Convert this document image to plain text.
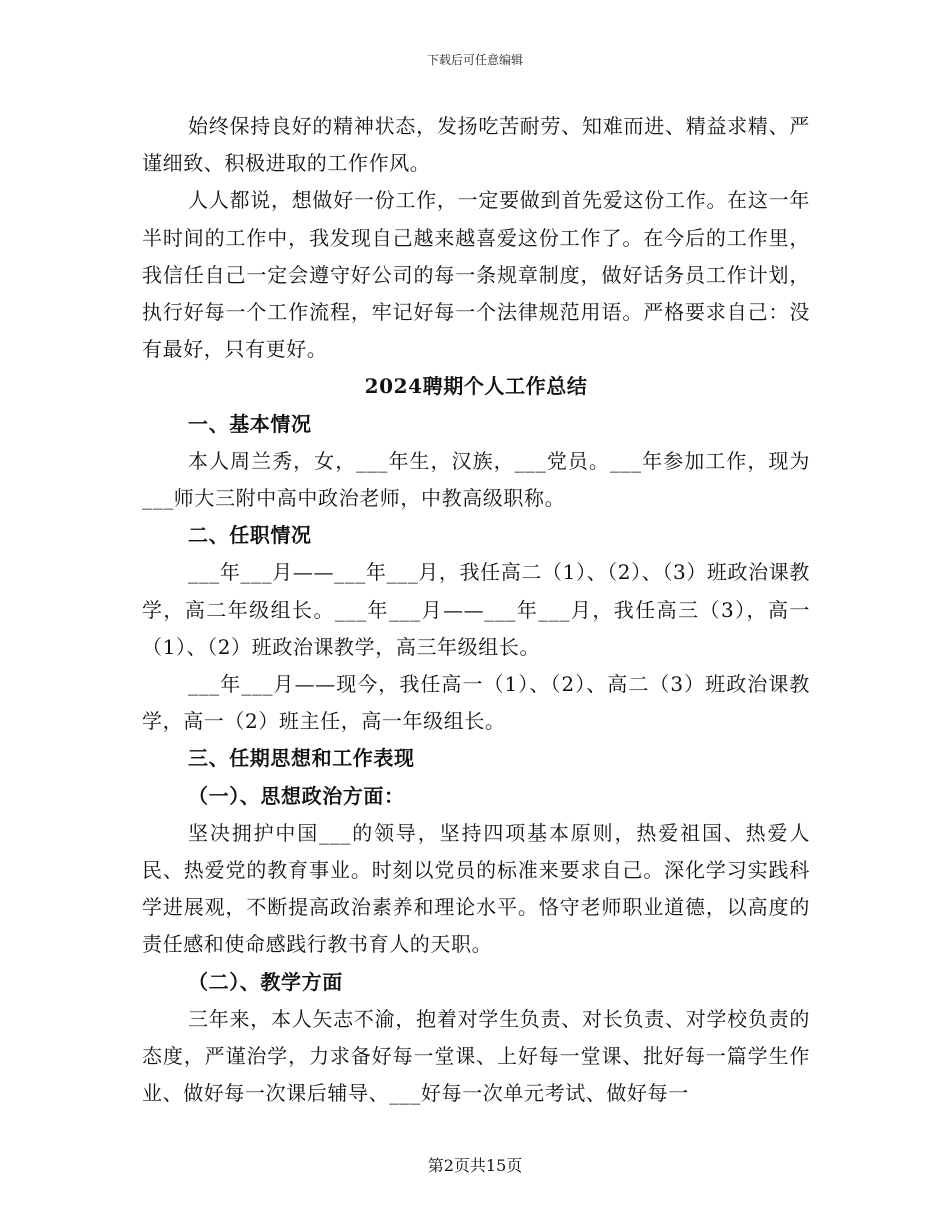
下载后可任意编辑

始终保持良好的精神状态，发扬吃苦耐劳、知难而进、精益求精、严谨细致、积极进取的工作作风。

人人都说，想做好一份工作，一定要做到首先爱这份工作。在这一年半时间的工作中，我发现自己越来越喜爱这份工作了。在今后的工作里，我信任自己一定会遵守好公司的每一条规章制度，做好话务员工作计划，执行好每一个工作流程，牢记好每一个法律规范用语。严格要求自己：没有最好，只有更好。

2024聘期个人工作总结

一、基本情况

本人周兰秀，女，___年生，汉族，___党员。___年参加工作，现为___师大三附中高中政治老师，中教高级职称。

二、任职情况

___年___月——___年___月，我任高二（1）、（2）、（3）班政治课教学，高二年级组长。___年___月——___年___月，我任高三（3），高一（1）、（2）班政治课教学，高三年级组长。

___年___月——现今，我任高一（1）、（2）、高二（3）班政治课教学，高一（2）班主任，高一年级组长。

三、任期思想和工作表现

（一）、思想政治方面：

坚决拥护中国___的领导，坚持四项基本原则，热爱祖国、热爱人民、热爱党的教育事业。时刻以党员的标准来要求自己。深化学习实践科学进展观，不断提高政治素养和理论水平。恪守老师职业道德，以高度的责任感和使命感践行教书育人的天职。

（二）、教学方面

三年来，本人矢志不渝，抱着对学生负责、对长负责、对学校负责的态度，严谨治学，力求备好每一堂课、上好每一堂课、批好每一篇学生作业、做好每一次课后辅导、___好每一次单元考试、做好每一

第2页共15页
